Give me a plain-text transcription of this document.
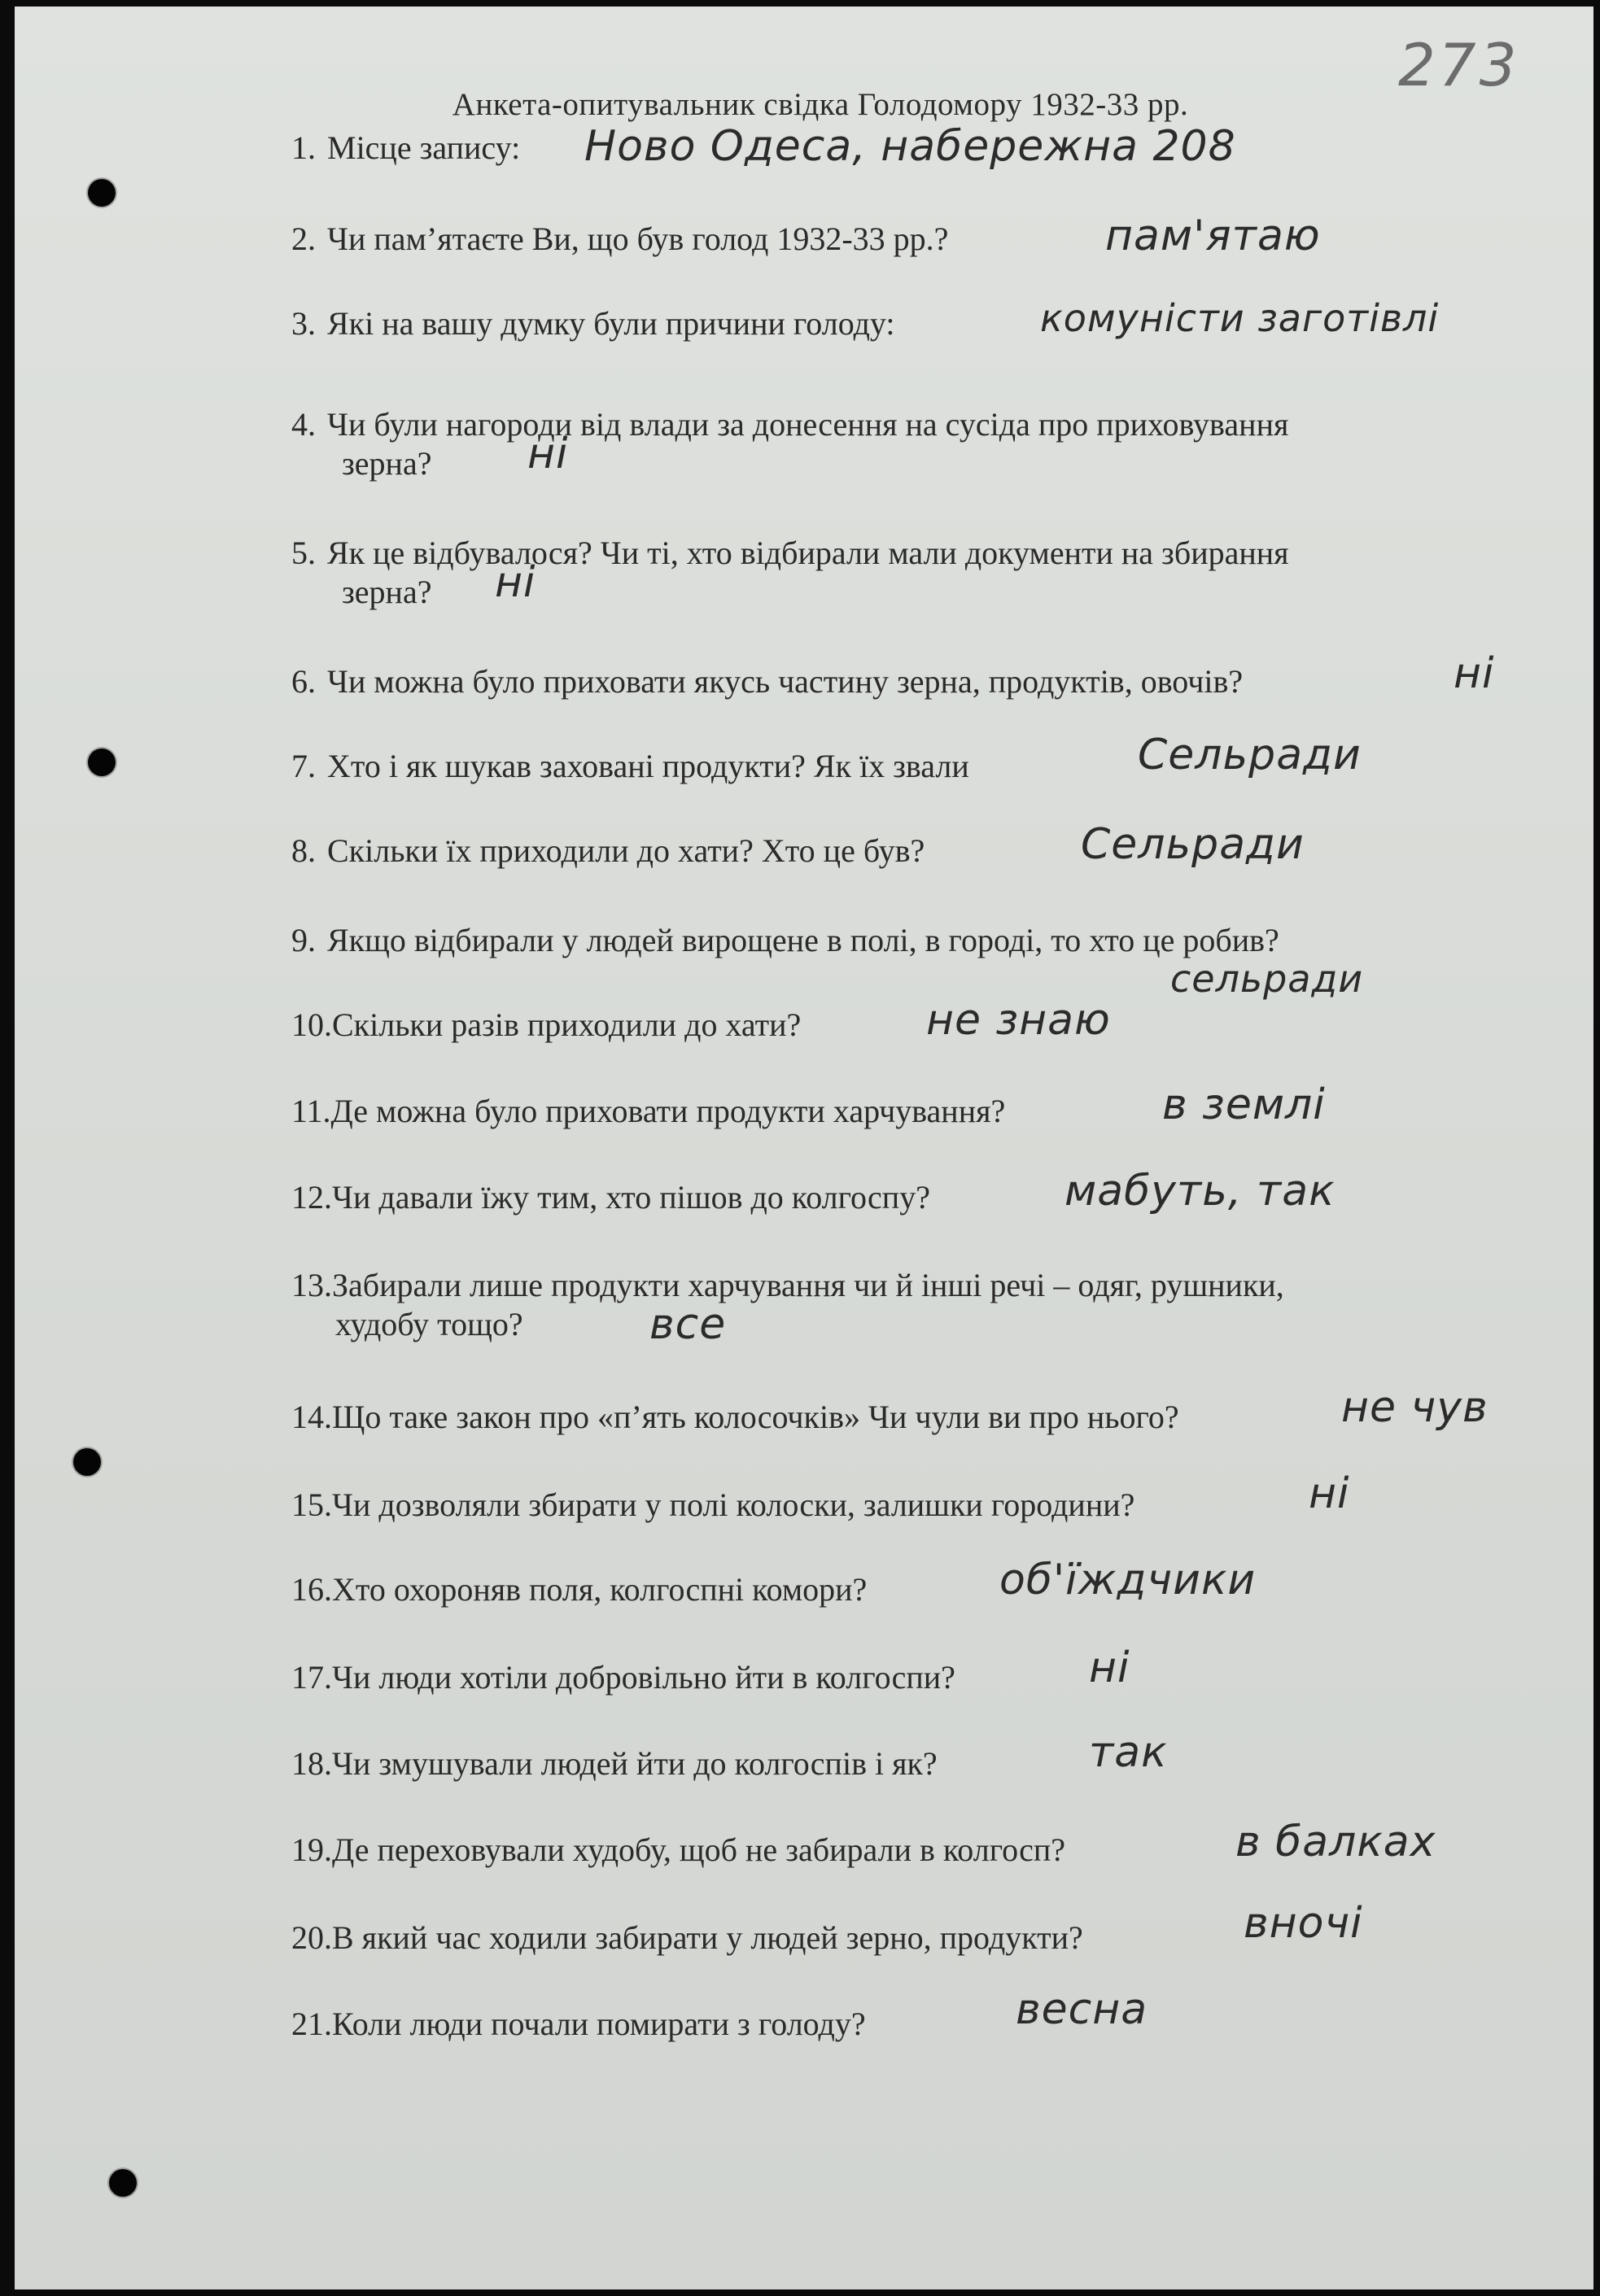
273
Анкета-опитувальник свідка Голодомору 1932-33 рр.
1. Місце запису:	Ново Одеса, набережна 208
2. Чи пам’ятаєте Ви, що був голод 1932-33 рр.?	пам'ятаю
3. Які на вашу думку були причини голоду:	комуністи заготівлі
4. Чи були нагороди від влади за донесення на сусіда про приховування
зерна?	ні
5. Як це відбувалося? Чи ті, хто відбирали мали документи на збирання
зерна?	ні
6. Чи можна було приховати якусь частину зерна, продуктів, овочів?	ні
7. Хто і як шукав заховані продукти? Як їх звали	Сельради
8. Скільки їх приходили до хати? Хто це був?	Сельради
9. Якщо відбирали у людей вирощене в полі, в городі, то хто це робив?
сельради
10.Скільки разів приходили до хати?	не знаю
11.Де можна було приховати продукти харчування?	в землі
12.Чи давали їжу тим, хто пішов до колгоспу?	мабуть, так
13.Забирали лише продукти харчування чи й інші речі – одяг, рушники,
худобу тощо?	все
14.Що таке закон про «п’ять колосочків» Чи чули ви про нього?	не чув
15.Чи дозволяли збирати у полі колоски, залишки городини?	ні
16.Хто охороняв поля, колгоспні комори?	об'їждчики
17.Чи люди хотіли добровільно йти в колгоспи?	ні
18.Чи змушували людей йти до колгоспів і як?	так
19.Де переховували худобу, щоб не забирали в колгосп?	в балках
20.В який час ходили забирати у людей зерно, продукти?	вночі
21.Коли люди почали помирати з голоду?	весна
